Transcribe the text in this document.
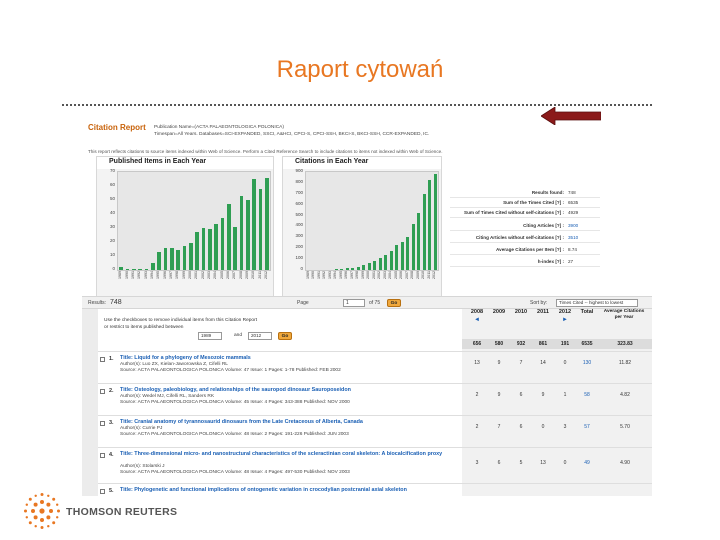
Raport cytowań
Citation Report Publication Name=(ACTA PALAEONTOLOGICA POLONICA)
Timespan=All Years. Databases=SCI-EXPANDED, SSCI, A&HCI, CPCI-S, CPCI-SSH, BKCI-S, BKCI-SSH, CCR-EXPANDED, IC.
This report reflects citations to source items indexed within Web of Science. Perform a Cited Reference Search to include citations to items not indexed within Web of Science.
Published Items in Each Year
0
10
20
30
40
50
60
70
1989 1990 1991 1992 1993 1994 1995 1996 1997 1998 1999 2000 2001 2002 2003 2004 2005 2006 2007 2008 2009 2010 2011 2012
Citations in Each Year
0
100
200
300
400
500
600
700
800
900
1989 1990 1991 1992 1993 1994 1995 1996 1997 1998 1999 2000 2001 2002 2003 2004 2005 2006 2007 2008 2009 2010 2011 2012
Results found: 748
Sum of the Times Cited [?] : 6535
Sum of Times Cited without self-citations [?] : 4929
Citing Articles [?] : 3900
Citing Articles without self-citations [?] : 3510
Average Citations per Item [?] : 8.74
h-index [?] : 27
Results: 748	Page	1	of 75	Go	Sort by:	Times Cited -- highest to lowest
Use the checkboxes to remove individual items from this Citation Report
or restrict to items published between
1989	and	2012	Go
2008	2009	2010	2011	2012	Total
◄	►
Average Citations per Year
656	580	932	861	191	6535	323.83
1. Title: Liquid for a phylogeny of Mesozoic mammals
Author(s): Luo ZX, Kielan-Jaworowska Z, Cifelli RL
Source: ACTA PALAEONTOLOGICA POLONICA Volume: 47 Issue: 1 Pages: 1-78 Published: FEB 2002
13	9	7	14	0	130	11.82
2. Title: Osteology, paleobiology, and relationships of the sauropod dinosaur Sauroposeidon
Author(s): Wedel MJ, Cifelli RL, Sanders RK
Source: ACTA PALAEONTOLOGICA POLONICA Volume: 45 Issue: 4 Pages: 343-388 Published: NOV 2000
2	9	6	9	1	58	4.82
3. Title: Cranial anatomy of tyrannosaurid dinosaurs from the Late Cretaceous of Alberta, Canada
Author(s): Currie PJ
Source: ACTA PALAEONTOLOGICA POLONICA Volume: 48 Issue: 2 Pages: 191-226 Published: JUN 2003
2	7	6	0	3	57	5.70
4. Title: Three-dimensional micro- and nanostructural characteristics of the scleractinian coral skeleton: A biocalcification proxy
Author(s): Stolarski J
Source: ACTA PALAEONTOLOGICA POLONICA Volume: 48 Issue: 4 Pages: 497-530 Published: NOV 2003
3	6	5	13	0	49	4.90
5. Title: Phylogenetic and functional implications of ontogenetic variation in crocodylian postcranial axial skeleton
THOMSON REUTERS
